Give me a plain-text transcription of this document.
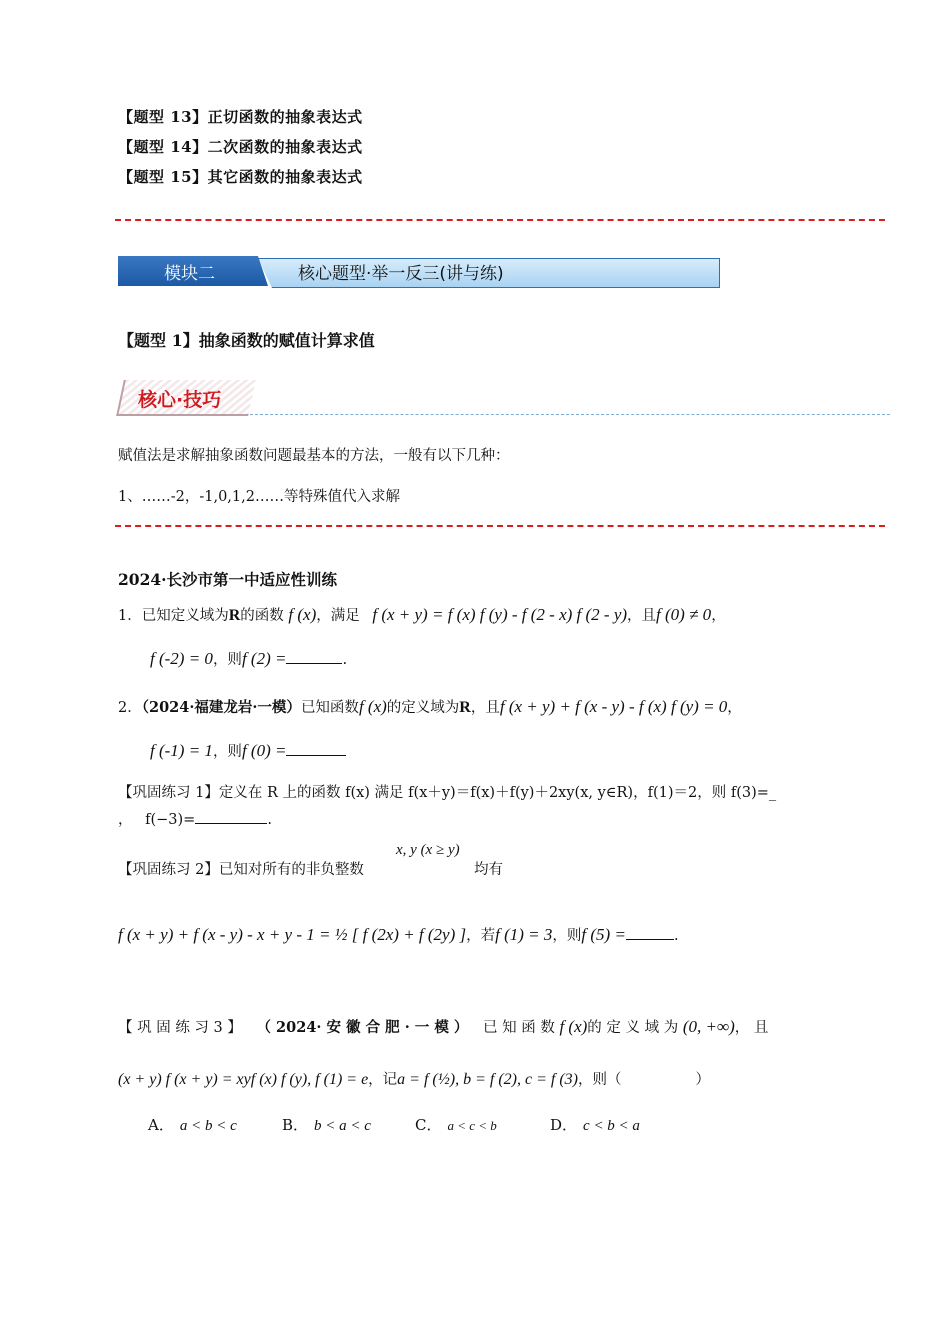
【题型 13】正切函数的抽象表达式
【题型 14】二次函数的抽象表达式
【题型 15】其它函数的抽象表达式
模块二	核心题型·举一反三(讲与练)
【题型 1】抽象函数的赋值计算求值
核心·技巧
赋值法是求解抽象函数问题最基本的方法，一般有以下几种：
1、……-2，-1,0,1,2……等特殊值代入求解
2024·长沙市第一中适应性训练
1．已知定义域为R的函数 f (x)，满足 f (x + y) = f (x) f (y) - f (2 - x) f (2 - y)，且f (0) ≠ 0，
f (-2) = 0，则f (2) =	.
2．（2024·福建龙岩·一模）已知函数f (x)的定义域为R，且f (x + y) + f (x - y) - f (x) f (y) = 0，
f (-1) = 1，则f (0) =
【巩固练习 1】定义在 R 上的函数 f(x) 满足 f(x＋y)＝f(x)＋f(y)＋2xy(x, y∈R)，f(1)＝2，则 f(3)=_
， f(−3)=	.
【巩固练习 2】已知对所有的非负整数
x, y (x ≥ y)
均有
f (x + y) + f (x - y) - x + y - 1 = ½ [ f (2x) + f (2y) ]，若f (1) = 3，则f (5) =	.
【 巩 固 练 习 3 】 （ 2024· 安 徽 合 肥 · 一 模 ） 已 知 函 数 f (x)的 定 义 域 为 (0, +∞)， 且
(x + y) f (x + y) = xyf (x) f (y), f (1) = e，记a = f (½), b = f (2), c = f (3)，则（	）
A． a < b < c	B． b < a < c	C． a < c < b	D． c < b < a
